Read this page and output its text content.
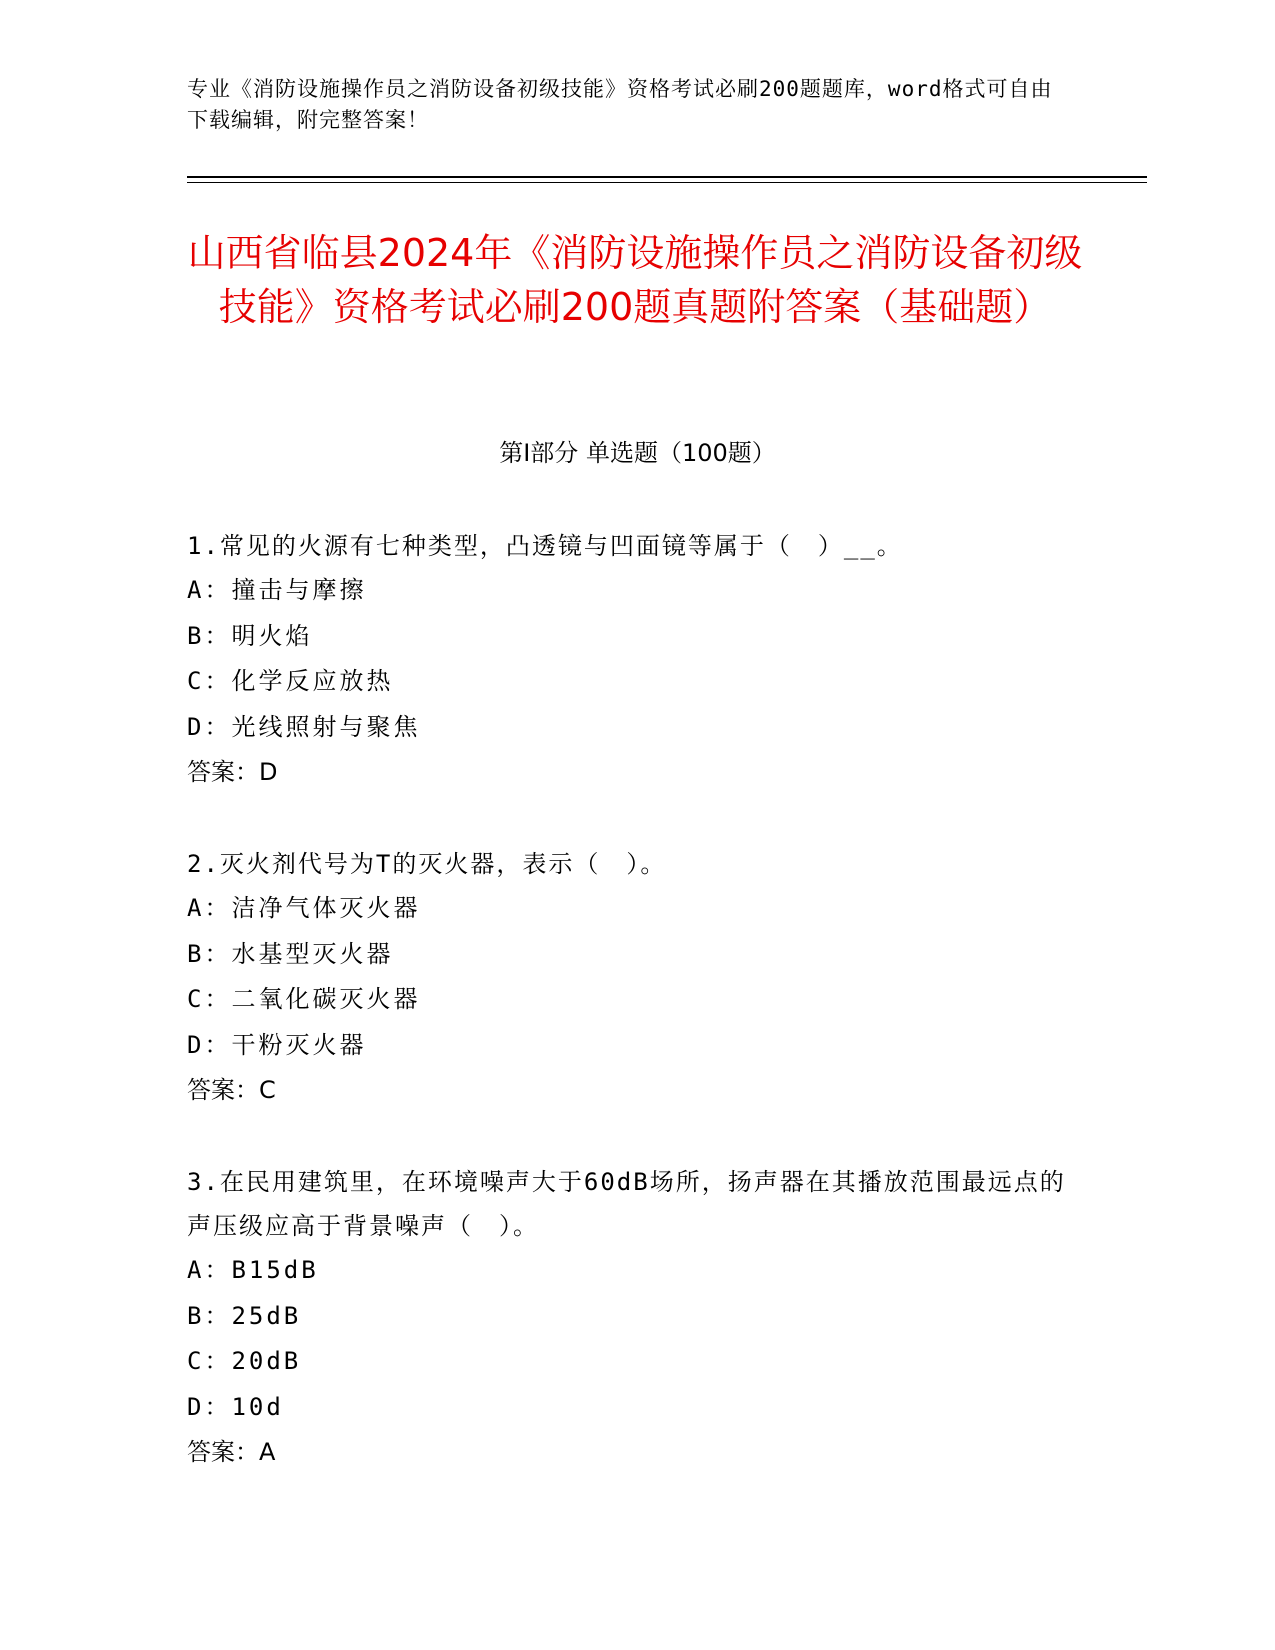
专业《消防设施操作员之消防设备初级技能》资格考试必刷200题题库，word格式可自由下载编辑，附完整答案！
山西省临县2024年《消防设施操作员之消防设备初级技能》资格考试必刷200题真题附答案（基础题）
第I部分 单选题（100题）
1.常见的火源有七种类型，凸透镜与凹面镜等属于（　）__。
A：撞击与摩擦
B：明火焰
C：化学反应放热
D：光线照射与聚焦
答案：D
2.灭火剂代号为T的灭火器，表示（　）。
A：洁净气体灭火器
B：水基型灭火器
C：二氧化碳灭火器
D：干粉灭火器
答案：C
3.在民用建筑里，在环境噪声大于60dB场所，扬声器在其播放范围最远点的声压级应高于背景噪声（　）。
A：B15dB
B：25dB
C：20dB
D：10d
答案：A
